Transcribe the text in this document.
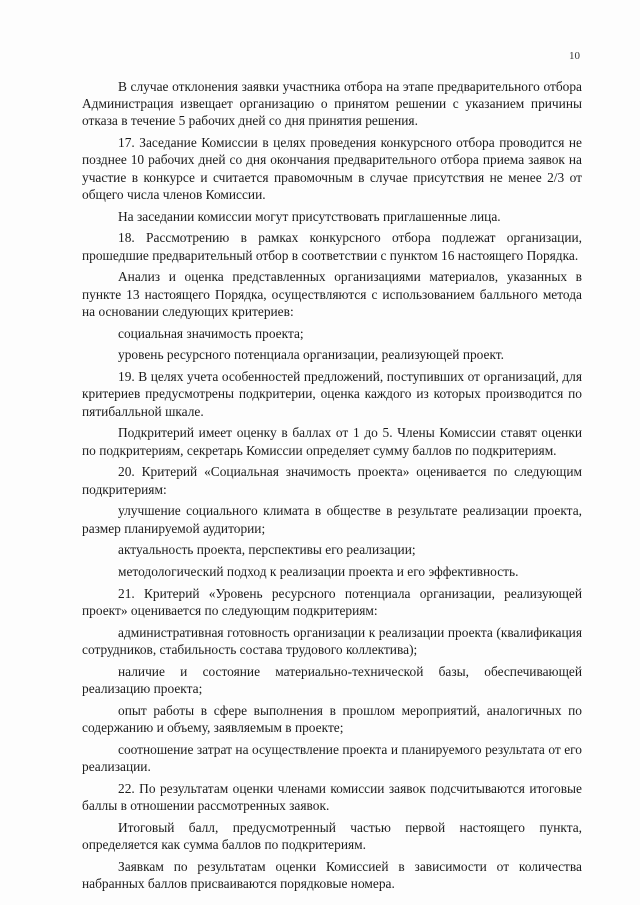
10

В случае отклонения заявки участника отбора на этапе предварительного отбора Администрация извещает организацию о принятом решении с указанием причины отказа в течение 5 рабочих дней со дня принятия решения.

17. Заседание Комиссии в целях проведения конкурсного отбора проводится не позднее 10 рабочих дней со дня окончания предварительного отбора приема заявок на участие в конкурсе и считается правомочным в случае присутствия не менее 2/3 от общего числа членов Комиссии.

На заседании комиссии могут присутствовать приглашенные лица.

18. Рассмотрению в рамках конкурсного отбора подлежат организации, прошедшие предварительный отбор в соответствии с пунктом 16 настоящего Порядка.

Анализ и оценка представленных организациями материалов, указанных в пункте 13 настоящего Порядка, осуществляются с использованием балльного метода на основании следующих критериев:

социальная значимость проекта;

уровень ресурсного потенциала организации, реализующей проект.

19. В целях учета особенностей предложений, поступивших от организаций, для критериев предусмотрены подкритерии, оценка каждого из которых производится по пятибалльной шкале.

Подкритерий имеет оценку в баллах от 1 до 5. Члены Комиссии ставят оценки по подкритериям, секретарь Комиссии определяет сумму баллов по подкритериям.

20. Критерий «Социальная значимость проекта» оценивается по следующим подкритериям:

улучшение социального климата в обществе в результате реализации проекта, размер планируемой аудитории;

актуальность проекта, перспективы его реализации;

методологический подход к реализации проекта и его эффективность.

21. Критерий «Уровень ресурсного потенциала организации, реализующей проект» оценивается по следующим подкритериям:

административная готовность организации к реализации проекта (квалификация сотрудников, стабильность состава трудового коллектива);

наличие и состояние материально-технической базы, обеспечивающей реализацию проекта;

опыт работы в сфере выполнения в прошлом мероприятий, аналогичных по содержанию и объему, заявляемым в проекте;

соотношение затрат на осуществление проекта и планируемого результата от его реализации.

22. По результатам оценки членами комиссии заявок подсчитываются итоговые баллы в отношении рассмотренных заявок.

Итоговый балл, предусмотренный частью первой настоящего пункта, определяется как сумма баллов по подкритериям.

Заявкам по результатам оценки Комиссией в зависимости от количества набранных баллов присваиваются порядковые номера.
